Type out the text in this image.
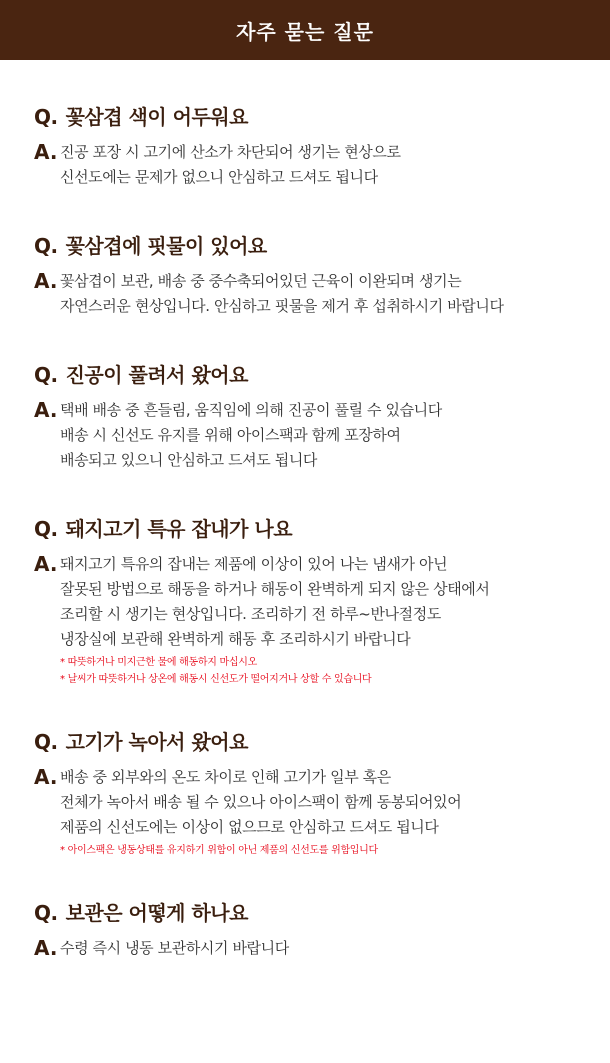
자주 묻는 질문
Q. 꽃삼겹 색이 어두워요
A. 진공 포장 시 고기에 산소가 차단되어 생기는 현상으로
신선도에는 문제가 없으니 안심하고 드셔도 됩니다
Q. 꽃삼겹에 핏물이 있어요
A. 꽃삼겹이 보관, 배송 중 중수축되어있던 근육이 이완되며 생기는
자연스러운 현상입니다. 안심하고 핏물을 제거 후 섭취하시기 바랍니다
Q. 진공이 풀려서 왔어요
A. 택배 배송 중 흔들림, 움직임에 의해 진공이 풀릴 수 있습니다
배송 시 신선도 유지를 위해 아이스팩과 함께 포장하여
배송되고 있으니 안심하고 드셔도 됩니다
Q. 돼지고기 특유 잡내가 나요
A. 돼지고기 특유의 잡내는 제품에 이상이 있어 나는 냄새가 아닌
잘못된 방법으로 해동을 하거나 해동이 완벽하게 되지 않은 상태에서
조리할 시 생기는 현상입니다. 조리하기 전 하루~반나절정도
냉장실에 보관해 완벽하게 해동 후 조리하시기 바랍니다
* 따뜻하거나 미지근한 물에 해동하지 마십시오
* 날씨가 따뜻하거나 상온에 해동시 신선도가 떨어지거나 상할 수 있습니다
Q. 고기가 녹아서 왔어요
A. 배송 중 외부와의 온도 차이로 인해 고기가 일부 혹은
전체가 녹아서 배송 될 수 있으나 아이스팩이 함께 동봉되어있어
제품의 신선도에는 이상이 없으므로 안심하고 드셔도 됩니다
* 아이스팩은 냉동상태를 유지하기 위함이 아닌 제품의 신선도를 위함입니다
Q. 보관은 어떻게 하나요
A. 수령 즉시 냉동 보관하시기 바랍니다
